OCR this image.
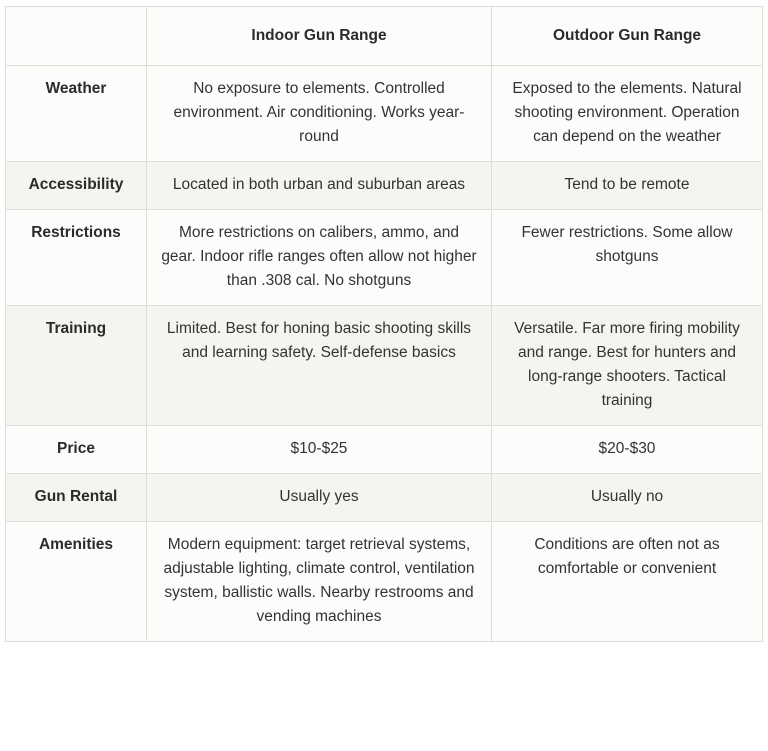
	Indoor Gun Range	Outdoor Gun Range
Weather	No exposure to elements. Controlled environment. Air conditioning. Works year-round	Exposed to the elements. Natural shooting environment. Operation can depend on the weather
Accessibility	Located in both urban and suburban areas	Tend to be remote
Restrictions	More restrictions on calibers, ammo, and gear. Indoor rifle ranges often allow not higher than .308 cal. No shotguns	Fewer restrictions. Some allow shotguns
Training	Limited. Best for honing basic shooting skills and learning safety. Self-defense basics	Versatile. Far more firing mobility and range. Best for hunters and long-range shooters. Tactical training
Price	$10-$25	$20-$30
Gun Rental	Usually yes	Usually no
Amenities	Modern equipment: target retrieval systems, adjustable lighting, climate control, ventilation system, ballistic walls. Nearby restrooms and vending machines	Conditions are often not as comfortable or convenient
